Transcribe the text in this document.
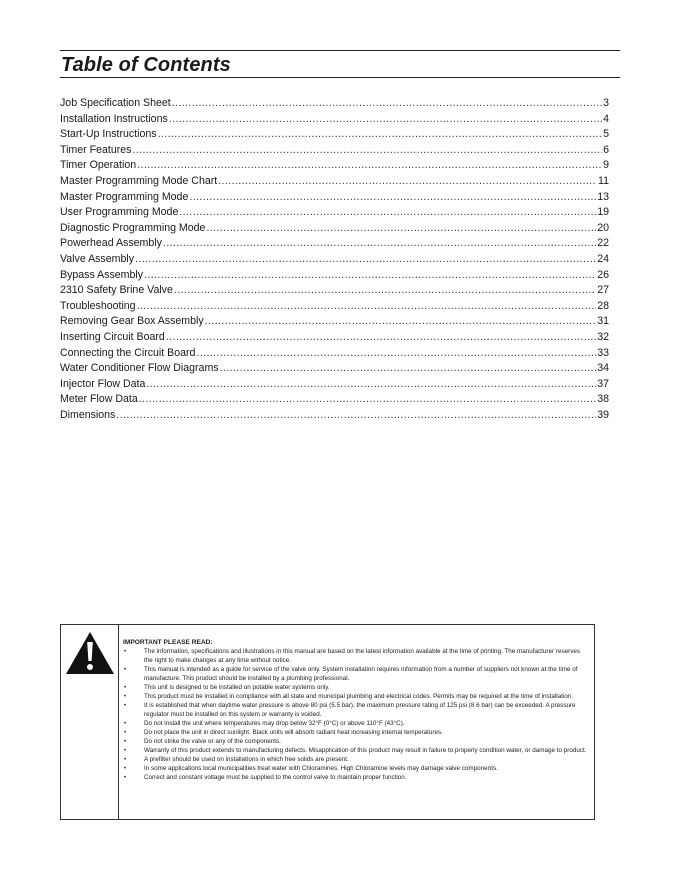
Table of Contents
Job Specification Sheet .....	3
Installation Instructions .....	4
Start-Up Instructions .....	5
Timer Features .....	6
Timer Operation .....	9
Master Programming Mode Chart .....	11
Master Programming Mode .....	13
User Programming Mode .....	19
Diagnostic Programming Mode .....	20
Powerhead Assembly .....	22
Valve Assembly .....	24
Bypass Assembly .....	26
2310 Safety Brine Valve .....	27
Troubleshooting .....	28
Removing Gear Box Assembly .....	31
Inserting Circuit Board .....	32
Connecting the Circuit Board .....	33
Water Conditioner Flow Diagrams .....	34
Injector Flow Data .....	37
Meter Flow Data .....	38
Dimensions .....	39
IMPORTANT PLEASE READ:
•	The information, specifications and illustrations in this manual are based on the latest information available at the time of printing. The manufacturer reserves the right to make changes at any time without notice.
•	This manual is intended as a guide for service of the valve only. System installation requires information from a number of suppliers not known at the time of manufacture. This product should be installed by a plumbing professional.
•	This unit is designed to be installed on potable water systems only.
•	This product must be installed in compliance with all state and municipal plumbing and electrical codes. Permits may be required at the time of installation.
•	It is established that when daytime water pressure is above 80 psi (5.5 bar), the maximum pressure rating of 125 psi (8.6 bar) can be exceeded. A pressure regulator must be installed on this system or warranty is voided.
•	Do not install the unit where temperatures may drop below 32°F (0°C) or above 110°F (43°C).
•	Do not place the unit in direct sunlight. Black units will absorb radiant heat increasing internal temperatures.
•	Do not strike the valve or any of the components.
•	Warranty of this product extends to manufacturing defects. Misapplication of this product may result in failure to properly condition water, or damage to product.
•	A prefilter should be used on installations in which free solids are present.
•	In some applications local municipalities treat water with Chloramines. High Chloramine levels may damage valve components.
•	Correct and constant voltage must be supplied to the control valve to maintain proper function.
